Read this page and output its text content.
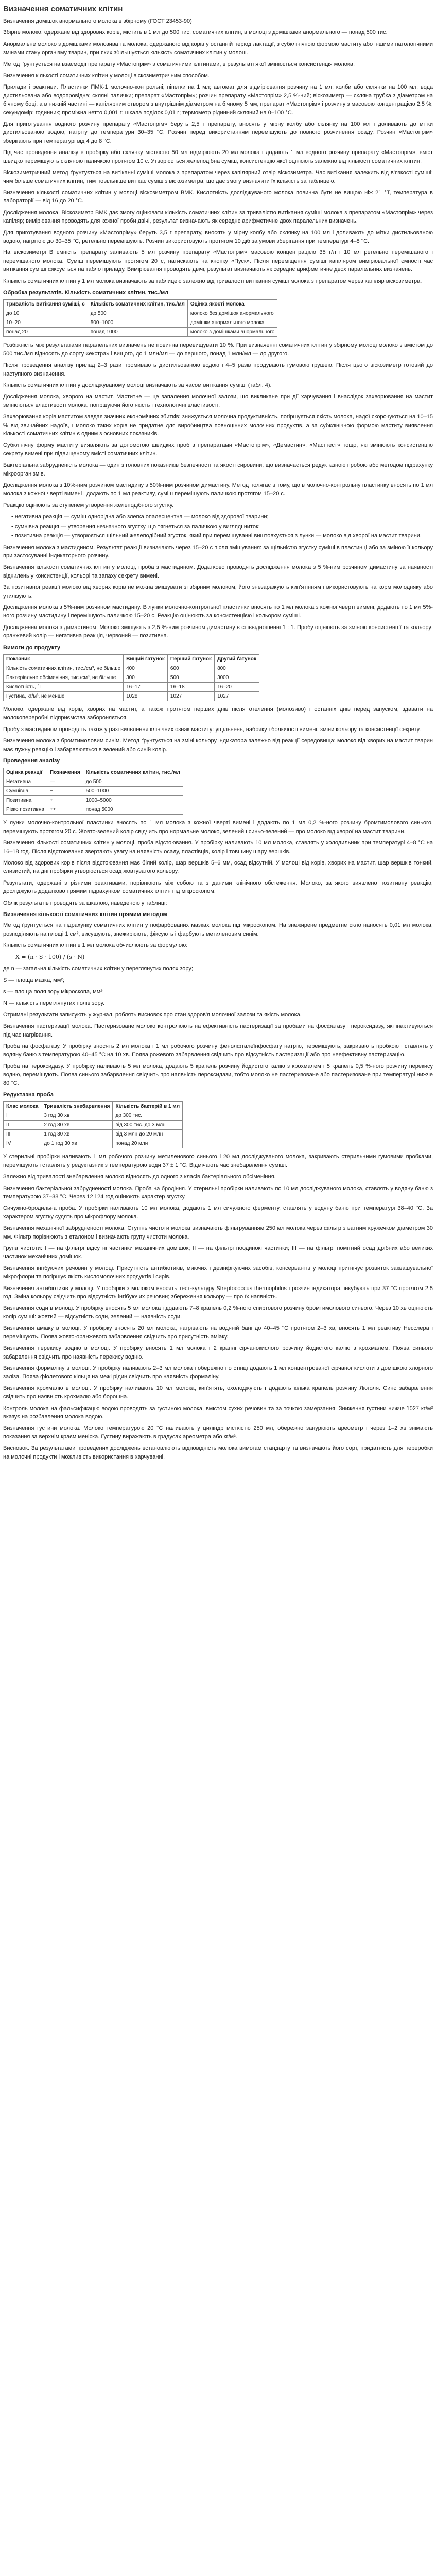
Визначення соматичних клітин

Визначення домішок анормального молока в збірному (ГОСТ 23453-90)

Збірне молоко, одержане від здорових корів, містить в 1 мл до 500 тис. соматичних клітин, в молоці з домішками анормального — понад 500 тис.

Анормальне молоко з домішками молозива та молока, одержаного від корів у останній період лактації, з субклінічною формою маститу або іншими патологічними змінами стану організму тварин, при яких збільшується кількість соматичних клітин у молоці.

Метод ґрунтується на взаємодії препарату «Мастопрім» з соматичними клітинами, в результаті якої змінюється консистенція молока.

Визначення кількості соматичних клітин у молоці віскозиметричним способом.

Прилади і реактиви. Пластинки ПМК-1 молочно-контрольні; піпетки на 1 мл; автомат для відмірювання розчину на 1 мл; колби або склянки на 100 мл; вода дистильована або водопровідна; скляні палички; препарат «Мастопрім»; розчин препарату «Мастопрім» 2,5 %-ний; віскозиметр — скляна трубка з діаметром на бічному боці, а в нижній частині — капілярним отвором з внутрішнім діаметром на бічному 5 мм, препарат «Мастопрім» і розчину з масовою концентрацією 2,5 %; секундомір; годинник; проміжна нетто 0,001 г; шкала поділок 0,01 г; термометр рідинний скляний на 0–100 °С.

Для приготування водного розчину препарату «Мастопрім» беруть 2,5 г препарату, вносять у мірну колбу або склянку на 100 мл і доливають до мітки дистильованою водою, нагріту до температури 30–35 °С. Розчин перед використанням перемішують до повного розчинення осаду. Розчин «Мастопрім» зберігають при температурі від 4 до 8 °С.

Під час проведення аналізу в пробірку або склянку місткістю 50 мл відмірюють 20 мл молока і додають 1 мл водного розчину препарату «Мастопрім», вміст швидко перемішують скляною паличкою протягом 10 с. Утворюється желеподібна суміш, консистенцію якої оцінюють залежно від кількості соматичних клітин.

Віскозиметричний метод ґрунтується на витіканні суміші молока з препаратом через капілярний отвір віскозиметра. Час витікання залежить від в'язкості суміші: чим більше соматичних клітин, тим повільніше витікає суміш з віскозиметра, що дає змогу визначити їх кількість за таблицею.

Визначення кількості соматичних клітин у молоці віскозиметром ВМК. Кислотність досліджуваного молока повинна бути не вищою ніж 21 °Т, температура в лабораторії — від 16 до 20 °С.

Дослідження молока. Віскозиметр ВМК дає змогу оцінювати кількість соматичних клітин за тривалістю витікання суміші молока з препаратом «Мастопрім» через капіляр; вимірювання проводять для кожної проби двічі, результат визначають як середнє арифметичне двох паралельних визначень.

Для приготування водного розчину «Мастопріму» беруть 3,5 г препарату, вносять у мірну колбу або склянку на 100 мл і доливають до мітки дистильованою водою, нагрітою до 30–35 °С, ретельно перемішують. Розчин використовують протягом 10 діб за умови зберігання при температурі 4–8 °С.

На віскозиметрі В ємність препарату заливають 5 мл розчину препарату «Мастопрім» масовою концентрацією 35 г/л і 10 мл ретельно перемішаного і перемішаного молока. Суміш перемішують протягом 20 с, натискають на кнопку «Пуск». Після переміщення суміші капіляром вимірювальної ємності час витікання суміші фіксується на табло приладу. Вимірювання проводять двічі, результат визначають як середнє арифметичне двох паралельних визначень.

Кількість соматичних клітин у 1 мл молока визначають за таблицею залежно від тривалості витікання суміші молока з препаратом через капіляр віскозиметра.

Обробка результатів. Кількість соматичних клітин, тис./мл
Тривалість витікання суміші, с	Кількість соматичних клітин, тис./мл	Оцінка якості молока
до 10	до 500	молоко без домішок анормального
10–20	500–1000	домішки анормального молока
понад 20	понад 1000	молоко з домішками анормального

Розбіжність між результатами паралельних визначень не повинна перевищувати 10 %. При визначенні соматичних клітин у збірному молоці молоко з вмістом до 500 тис./мл відносять до сорту «екстра» і вищого, до 1 млн/мл — до першого, понад 1 млн/мл — до другого.

Після проведення аналізу прилад 2–3 рази промивають дистильованою водою і 4–5 разів продувають гумовою грушею. Після цього віскозиметр готовий до наступного визначення.

Кількість соматичних клітин у досліджуваному молоці визначають за часом витікання суміші (табл. 4).

Дослідження молока, хворого на мастит. Маститне — це запалення молочної залози, що викликане при дії харчування і внаслідок захворювання на мастит змінюються властивості молока, погіршуючи його якість і технологічні властивості.

Захворювання корів маститом завдає значних економічних збитків: знижується молочна продуктивність, погіршується якість молока, надої скорочуються на 10–15 % від звичайних надоїв, і молоко таких корів не придатне для виробництва повноцінних молочних продуктів, а за субклінічною формою маститу виявлення кількості соматичних клітин є одним з основних показників.

Субклінічну форму маститу виявляють за допомогою швидких проб з препаратами «Мастопрім», «Демастин», «Масттест» тощо, які змінюють консистенцію секрету вимені при підвищеному вмісті соматичних клітин.

Бактеріальна забрудненість молока — один з головних показників безпечності та якості сировини, що визначається редуктазною пробою або методом підрахунку мікроорганізмів.

Дослідження молока з 10%-ним розчином мастидину з 50%-ним розчином димастину. Метод полягає в тому, що в молочно-контрольну пластинку вносять по 1 мл молока з кожної чверті вимені і додають по 1 мл реактиву, суміш перемішують паличкою протягом 15–20 с.

Реакцію оцінюють за ступенем утворення желеподібного згустку.

• негативна реакція — суміш однорідна або злегка опалесцентна — молоко від здорової тварини;
• сумнівна реакція — утворення незначного згустку, що тягнеться за паличкою у вигляді ниток;
• позитивна реакція — утворюється щільний желеподібний згусток, який при перемішуванні виштовхується з лунки — молоко від хворої на мастит тварини.

Визначення молока з мастидином. Результат реакції визначають через 15–20 с після змішування: за щільністю згустку суміші в пластинці або за зміною її кольору при застосуванні індикаторного розчину.

Визначення кількості соматичних клітин у молоці, проба з мастидином. Додатково проводять дослідження молока з 5 %-ним розчином димастину за наявності відхилень у консистенції, кольорі та запаху секрету вимені.

За позитивної реакції молоко від хворих корів не можна змішувати зі збірним молоком, його знезаражують кип'ятінням і використовують на корм молодняку або утилізують.

Дослідження молока з 5%-ним розчином мастидину. В лунки молочно-контрольної пластинки вносять по 1 мл молока з кожної чверті вимені, додають по 1 мл 5%-ного розчину мастидину і перемішують паличкою 15–20 с. Реакцію оцінюють за консистенцією і кольором суміші.

Дослідження молока з димастином. Молоко змішують з 2,5 %-ним розчином димастину в співвідношенні 1 : 1. Пробу оцінюють за зміною консистенції та кольору: оранжевий колір — негативна реакція, червоний — позитивна.

Вимоги до продукту
Показник	Вищий ґатунок	Перший ґатунок	Другий ґатунок
Кількість соматичних клітин, тис./см³, не більше	400	600	800
Бактеріальне обсіменіння, тис./см³, не більше	300	500	3000
Кислотність, °Т	16–17	16–18	16–20
Густина, кг/м³, не менше	1028	1027	1027

Молоко, одержане від корів, хворих на мастит, а також протягом перших днів після отелення (молозиво) і останніх днів перед запуском, здавати на молокопереробні підприємства забороняється.

Пробу з мастидином проводять також у разі виявлення клінічних ознак маститу: ущільнень, набряку і болючості вимені, зміни кольору та консистенції секрету.

Визначення молока з бромтимоловим синім. Метод ґрунтується на зміні кольору індикатора залежно від реакції середовища: молоко від хворих на мастит тварин має лужну реакцію і забарвлюється в зелений або синій колір.

Проведення аналізу
Оцінка реакції	Позначення	Кількість соматичних клітин, тис./мл
Негативна	—	до 500
Сумнівна	±	500–1000
Позитивна	+	1000–5000
Різко позитивна	++	понад 5000

У лунки молочно-контрольної пластинки вносять по 1 мл молока з кожної чверті вимені і додають по 1 мл 0,2 %-ного розчину бромтимолового синього, перемішують протягом 20 с. Жовто-зелений колір свідчить про нормальне молоко, зелений і синьо-зелений — про молоко від хворої на мастит тварини.

Визначення кількості соматичних клітин у молоці, проба відстоювання. У пробірку наливають 10 мл молока, ставлять у холодильник при температурі 4–8 °С на 16–18 год. Після відстоювання звертають увагу на наявність осаду, пластівців, колір і товщину шару вершків.

Молоко від здорових корів після відстоювання має білий колір, шар вершків 5–6 мм, осад відсутній. У молоці від корів, хворих на мастит, шар вершків тонкий, слизистий, на дні пробірки утворюється осад жовтуватого кольору.

Результати, одержані з різними реактивами, порівнюють між собою та з даними клінічного обстеження. Молоко, за якого виявлено позитивну реакцію, досліджують додатково прямим підрахунком соматичних клітин під мікроскопом.

Облік результатів проводять за шкалою, наведеною у таблиці:

Визначення кількості соматичних клітин прямим методом

Метод ґрунтується на підрахунку соматичних клітин у пофарбованих мазках молока під мікроскопом. На знежирене предметне скло наносять 0,01 мл молока, розподіляють на площі 1 см², висушують, знежирюють, фіксують і фарбують метиленовим синім.

Кількість соматичних клітин в 1 мл молока обчислюють за формулою:

X = (n · S · 100) / (s · N)

де n — загальна кількість соматичних клітин у переглянутих полях зору;

S — площа мазка, мм²;

s — площа поля зору мікроскопа, мм²;

N — кількість переглянутих полів зору.

Отримані результати записують у журнал, роблять висновок про стан здоров'я молочної залози та якість молока.

Визначення пастеризації молока. Пастеризоване молоко контролюють на ефективність пастеризації за пробами на фосфатазу і пероксидазу, які інактивуються під час нагрівання.

Проба на фосфатазу. У пробірку вносять 2 мл молока і 1 мл робочого розчину фенолфталеїнфосфату натрію, перемішують, закривають пробкою і ставлять у водяну баню з температурою 40–45 °С на 10 хв. Поява рожевого забарвлення свідчить про відсутність пастеризації або про неефективну пастеризацію.

Проба на пероксидазу. У пробірку наливають 5 мл молока, додають 5 крапель розчину йодистого калію з крохмалем і 5 крапель 0,5 %-ного розчину перекису водню, перемішують. Поява синього забарвлення свідчить про наявність пероксидази, тобто молоко не пастеризоване або пастеризоване при температурі нижче 80 °С.

Редуктазна проба
Клас молока	Тривалість знебарвлення	Кількість бактерій в 1 мл
I	3 год 30 хв	до 300 тис.
II	2 год 30 хв	від 300 тис. до 3 млн
III	1 год 30 хв	від 3 млн до 20 млн
IV	до 1 год 30 хв	понад 20 млн

У стерильні пробірки наливають 1 мл робочого розчину метиленового синього і 20 мл досліджуваного молока, закривають стерильними гумовими пробками, перемішують і ставлять у редуктазник з температурою води 37 ± 1 °С. Відмічають час знебарвлення суміші.

Залежно від тривалості знебарвлення молоко відносять до одного з класів бактеріального обсіменіння.

Визначення бактеріальної забрудненості молока. Проба на бродіння. У стерильні пробірки наливають по 10 мл досліджуваного молока, ставлять у водяну баню з температурою 37–38 °С. Через 12 і 24 год оцінюють характер згустку.

Сичужно-бродильна проба. У пробірки наливають 10 мл молока, додають 1 мл сичужного ферменту, ставлять у водяну баню при температурі 38–40 °С. За характером згустку судять про мікрофлору молока.

Визначення механічної забрудненості молока. Ступінь чистоти молока визначають фільтруванням 250 мл молока через фільтр з ватним кружечком діаметром 30 мм. Фільтр порівнюють з еталоном і визначають групу чистоти молока.

Група чистоти: I — на фільтрі відсутні частинки механічних домішок; II — на фільтрі поодинокі частинки; III — на фільтрі помітний осад дрібних або великих частинок механічних домішок.

Визначення інгібуючих речовин у молоці. Присутність антибіотиків, миючих і дезінфікуючих засобів, консервантів у молоці пригнічує розвиток заквашувальної мікрофлори та погіршує якість кисломолочних продуктів і сирів.

Визначення антибіотиків у молоці. У пробірки з молоком вносять тест-культуру Streptococcus thermophilus і розчин індикатора, інкубують при 37 °С протягом 2,5 год. Зміна кольору свідчить про відсутність інгібуючих речовин; збереження кольору — про їх наявність.

Визначення соди в молоці. У пробірку вносять 5 мл молока і додають 7–8 крапель 0,2 %-ного спиртового розчину бромтимолового синього. Через 10 хв оцінюють колір суміші: жовтий — відсутність соди, зелений — наявність соди.

Визначення аміаку в молоці. У пробірку вносять 20 мл молока, нагрівають на водяній бані до 40–45 °С протягом 2–3 хв, вносять 1 мл реактиву Несслера і перемішують. Поява жовто-оранжевого забарвлення свідчить про присутність аміаку.

Визначення перекису водню в молоці. У пробірку вносять 1 мл молока і 2 краплі сірчанокислого розчину йодистого калію з крохмалем. Поява синього забарвлення свідчить про наявність перекису водню.

Визначення формаліну в молоці. У пробірку наливають 2–3 мл молока і обережно по стінці додають 1 мл концентрованої сірчаної кислоти з домішкою хлорного заліза. Поява фіолетового кільця на межі рідин свідчить про наявність формаліну.

Визначення крохмалю в молоці. У пробірку наливають 10 мл молока, кип'ятять, охолоджують і додають кілька крапель розчину Люголя. Синє забарвлення свідчить про наявність крохмалю або борошна.

Контроль молока на фальсифікацію водою проводять за густиною молока, вмістом сухих речовин та за точкою замерзання. Зниження густини нижче 1027 кг/м³ вказує на розбавлення молока водою.

Визначення густини молока. Молоко температурою 20 °С наливають у циліндр місткістю 250 мл, обережно занурюють ареометр і через 1–2 хв знімають показання за верхнім краєм меніска. Густину виражають в градусах ареометра або кг/м³.

Висновок. За результатами проведених досліджень встановлюють відповідність молока вимогам стандарту та визначають його сорт, придатність для переробки на молочні продукти і можливість використання в харчуванні.
